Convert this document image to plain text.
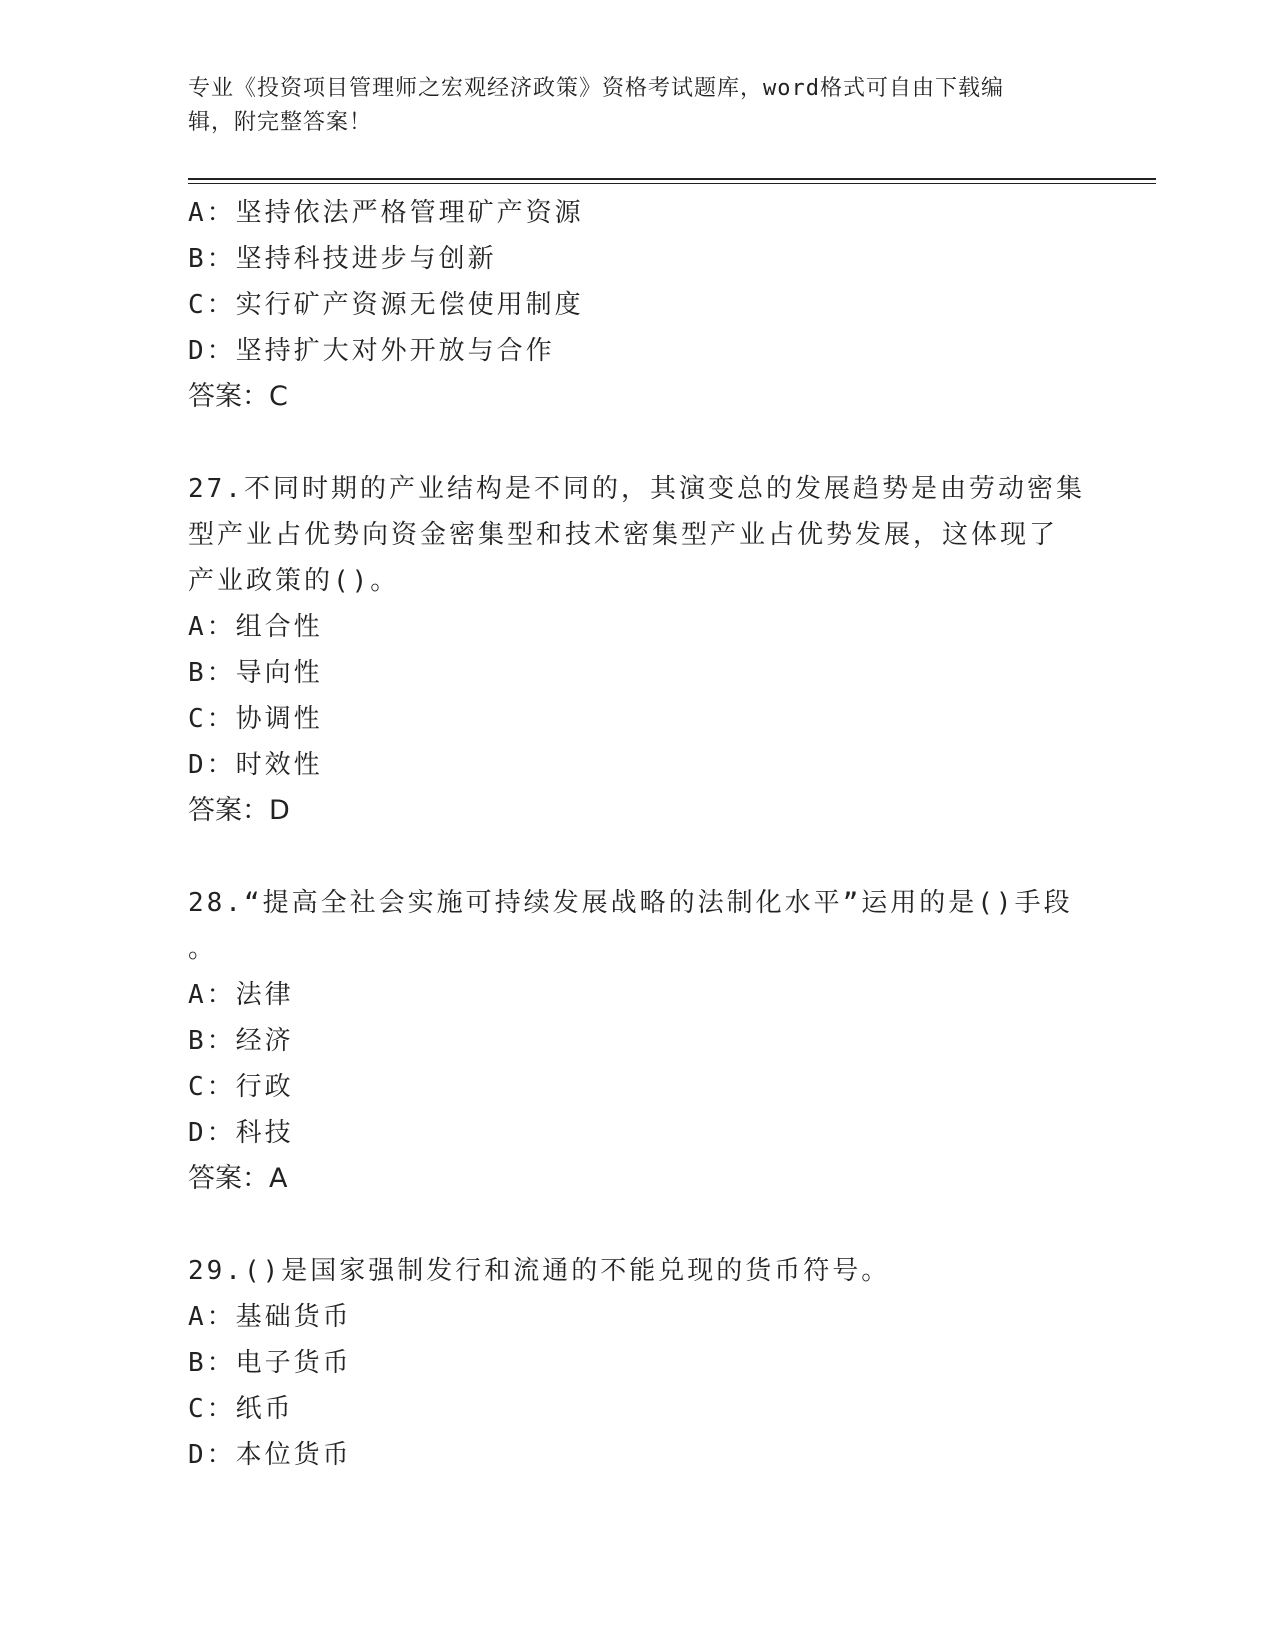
专业《投资项目管理师之宏观经济政策》资格考试题库，word格式可自由下载编
辑，附完整答案！
A：坚持依法严格管理矿产资源
B：坚持科技进步与创新
C：实行矿产资源无偿使用制度
D：坚持扩大对外开放与合作
答案：C
27.不同时期的产业结构是不同的，其演变总的发展趋势是由劳动密集
型产业占优势向资金密集型和技术密集型产业占优势发展，这体现了
产业政策的()。
A：组合性
B：导向性
C：协调性
D：时效性
答案：D
28.“提高全社会实施可持续发展战略的法制化水平”运用的是()手段
。
A：法律
B：经济
C：行政
D：科技
答案：A
29.()是国家强制发行和流通的不能兑现的货币符号。
A：基础货币
B：电子货币
C：纸币
D：本位货币
